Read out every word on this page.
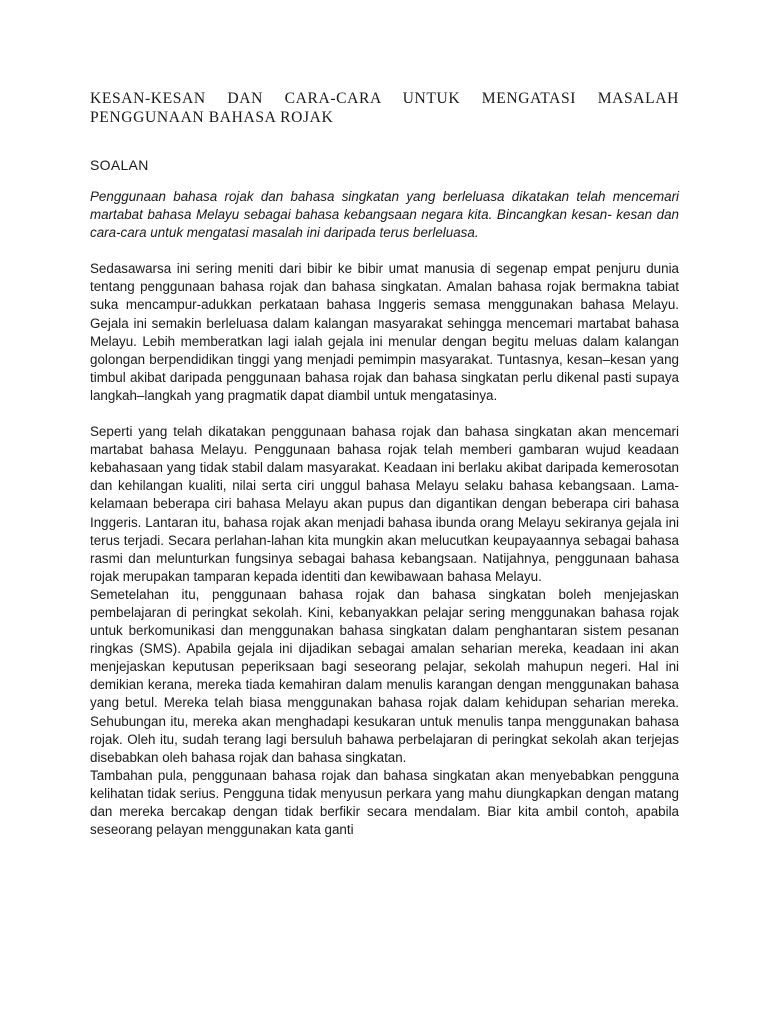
KESAN-KESAN DAN CARA-CARA UNTUK MENGATASI MASALAH PENGGUNAAN BAHASA ROJAK

SOALAN

Penggunaan bahasa rojak dan bahasa singkatan yang berleluasa dikatakan telah mencemari martabat bahasa Melayu sebagai bahasa kebangsaan negara kita. Bincangkan kesan- kesan dan cara-cara untuk mengatasi masalah ini daripada terus berleluasa.

Sedasawarsa ini sering meniti dari bibir ke bibir umat manusia di segenap empat penjuru dunia tentang penggunaan bahasa rojak dan bahasa singkatan. Amalan bahasa rojak bermakna tabiat suka mencampur-adukkan perkataan bahasa Inggeris semasa menggunakan bahasa Melayu. Gejala ini semakin berleluasa dalam kalangan masyarakat sehingga mencemari martabat bahasa Melayu. Lebih memberatkan lagi ialah gejala ini menular dengan begitu meluas dalam kalangan golongan berpendidikan tinggi yang menjadi pemimpin masyarakat. Tuntasnya, kesan–kesan yang timbul akibat daripada penggunaan bahasa rojak dan bahasa singkatan perlu dikenal pasti supaya langkah–langkah yang pragmatik dapat diambil untuk mengatasinya.

Seperti yang telah dikatakan penggunaan bahasa rojak dan bahasa singkatan akan mencemari martabat bahasa Melayu. Penggunaan bahasa rojak telah memberi gambaran wujud keadaan kebahasaan yang tidak stabil dalam masyarakat. Keadaan ini berlaku akibat daripada kemerosotan dan kehilangan kualiti, nilai serta ciri unggul bahasa Melayu selaku bahasa kebangsaan. Lama-kelamaan beberapa ciri bahasa Melayu akan pupus dan digantikan dengan beberapa ciri bahasa Inggeris. Lantaran itu, bahasa rojak akan menjadi bahasa ibunda orang Melayu sekiranya gejala ini terus terjadi. Secara perlahan-lahan kita mungkin akan melucutkan keupayaannya sebagai bahasa rasmi dan melunturkan fungsinya sebagai bahasa kebangsaan. Natijahnya, penggunaan bahasa rojak merupakan tamparan kepada identiti dan kewibawaan bahasa Melayu.

Semetelahan itu, penggunaan bahasa rojak dan bahasa singkatan boleh menjejaskan pembelajaran di peringkat sekolah. Kini, kebanyakkan pelajar sering menggunakan bahasa rojak untuk berkomunikasi dan menggunakan bahasa singkatan dalam penghantaran sistem pesanan ringkas (SMS). Apabila gejala ini dijadikan sebagai amalan seharian mereka, keadaan ini akan menjejaskan keputusan peperiksaan bagi seseorang pelajar, sekolah mahupun negeri. Hal ini demikian kerana, mereka tiada kemahiran dalam menulis karangan dengan menggunakan bahasa yang betul. Mereka telah biasa menggunakan bahasa rojak dalam kehidupan seharian mereka. Sehubungan itu, mereka akan menghadapi kesukaran untuk menulis tanpa menggunakan bahasa rojak. Oleh itu, sudah terang lagi bersuluh bahawa perbelajaran di peringkat sekolah akan terjejas disebabkan oleh bahasa rojak dan bahasa singkatan.

Tambahan pula, penggunaan bahasa rojak dan bahasa singkatan akan menyebabkan pengguna kelihatan tidak serius. Pengguna tidak menyusun perkara yang mahu diungkapkan dengan matang dan mereka bercakap dengan tidak berfikir secara mendalam. Biar kita ambil contoh, apabila seseorang pelayan menggunakan kata ganti
